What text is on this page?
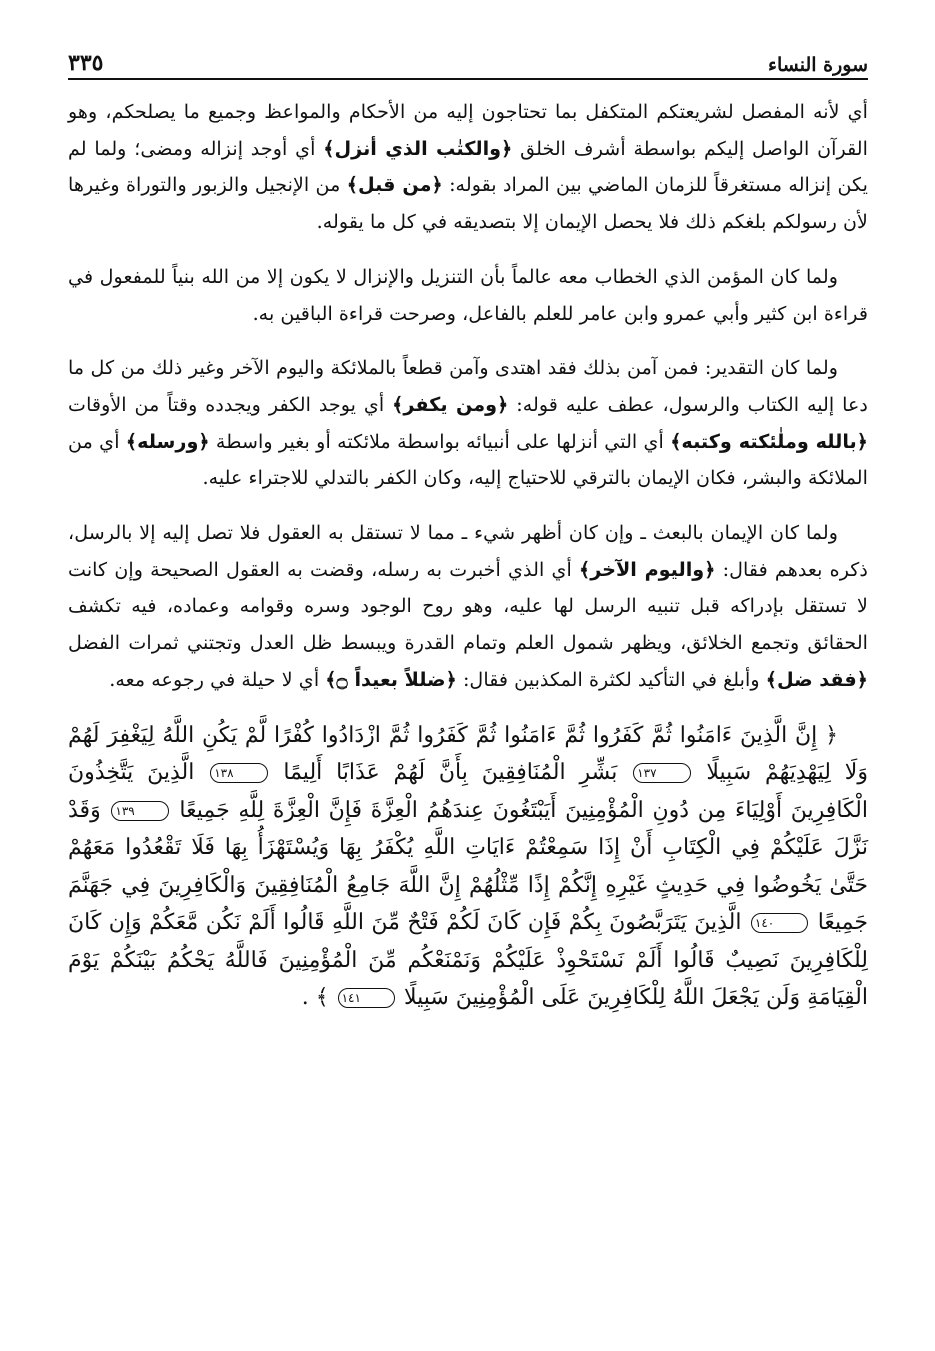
سورة النساء
٣٣٥

أي لأنه المفصل لشريعتكم المتكفل بما تحتاجون إليه من الأحكام والمواعظ وجميع ما يصلحكم، وهو القرآن الواصل إليكم بواسطة أشرف الخلق ﴿والكتٰب الذي أنزل﴾ أي أوجد إنزاله ومضى؛ ولما لم يكن إنزاله مستغرقاً للزمان الماضي بين المراد بقوله: ﴿من قبل﴾ من الإنجيل والزبور والتوراة وغيرها لأن رسولكم بلغكم ذلك فلا يحصل الإيمان إلا بتصديقه في كل ما يقوله.

ولما كان المؤمن الذي الخطاب معه عالماً بأن التنزيل والإنزال لا يكون إلا من الله بنياً للمفعول في قراءة ابن كثير وأبي عمرو وابن عامر للعلم بالفاعل، وصرحت قراءة الباقين به.

ولما كان التقدير: فمن آمن بذلك فقد اهتدى وآمن قطعاً بالملائكة واليوم الآخر وغير ذلك من كل ما دعا إليه الكتاب والرسول، عطف عليه قوله: ﴿ومن يكفر﴾ أي يوجد الكفر ويجدده وقتاً من الأوقات ﴿بالله وملٰئكته وكتبه﴾ أي التي أنزلها على أنبيائه بواسطة ملائكته أو بغير واسطة ﴿ورسله﴾ أي من الملائكة والبشر، فكان الإيمان بالترقي للاحتياج إليه، وكان الكفر بالتدلي للاجتراء عليه.

ولما كان الإيمان بالبعث ـ وإن كان أظهر شيء ـ مما لا تستقل به العقول فلا تصل إليه إلا بالرسل، ذكره بعدهم فقال: ﴿واليوم الآخر﴾ أي الذي أخبرت به رسله، وقضت به العقول الصحيحة وإن كانت لا تستقل بإدراكه قبل تنبيه الرسل لها عليه، وهو روح الوجود وسره وقوامه وعماده، فيه تكشف الحقائق وتجمع الخلائق، ويظهر شمول العلم وتمام القدرة ويبسط ظل العدل وتجتني ثمرات الفضل ﴿فقد ضل﴾ وأبلغ في التأكيد لكثرة المكذبين فقال: ﴿ضللاً بعيداً ۝﴾ أي لا حيلة في رجوعه معه.

﴿ إِنَّ الَّذِينَ ءَامَنُوا ثُمَّ كَفَرُوا ثُمَّ ءَامَنُوا ثُمَّ كَفَرُوا ثُمَّ ازْدَادُوا كُفْرًا لَّمْ يَكُنِ اللَّهُ لِيَغْفِرَ لَهُمْ وَلَا لِيَهْدِيَهُمْ سَبِيلًا ١٣٧ بَشِّرِ الْمُنَافِقِينَ بِأَنَّ لَهُمْ عَذَابًا أَلِيمًا ١٣٨ الَّذِينَ يَتَّخِذُونَ الْكَافِرِينَ أَوْلِيَاءَ مِن دُونِ الْمُؤْمِنِينَ أَيَبْتَغُونَ عِندَهُمُ الْعِزَّةَ فَإِنَّ الْعِزَّةَ لِلَّهِ جَمِيعًا ١٣٩ وَقَدْ نَزَّلَ عَلَيْكُمْ فِي الْكِتَابِ أَنْ إِذَا سَمِعْتُمْ ءَايَاتِ اللَّهِ يُكْفَرُ بِهَا وَيُسْتَهْزَأُ بِهَا فَلَا تَقْعُدُوا مَعَهُمْ حَتَّىٰ يَخُوضُوا فِي حَدِيثٍ غَيْرِهِ إِنَّكُمْ إِذًا مِّثْلُهُمْ إِنَّ اللَّهَ جَامِعُ الْمُنَافِقِينَ وَالْكَافِرِينَ فِي جَهَنَّمَ جَمِيعًا ١٤٠ الَّذِينَ يَتَرَبَّصُونَ بِكُمْ فَإِن كَانَ لَكُمْ فَتْحٌ مِّنَ اللَّهِ قَالُوا أَلَمْ نَكُن مَّعَكُمْ وَإِن كَانَ لِلْكَافِرِينَ نَصِيبٌ قَالُوا أَلَمْ نَسْتَحْوِذْ عَلَيْكُمْ وَنَمْنَعْكُم مِّنَ الْمُؤْمِنِينَ فَاللَّهُ يَحْكُمُ بَيْنَكُمْ يَوْمَ الْقِيَامَةِ وَلَن يَجْعَلَ اللَّهُ لِلْكَافِرِينَ عَلَى الْمُؤْمِنِينَ سَبِيلًا ١٤١ ﴾ .
